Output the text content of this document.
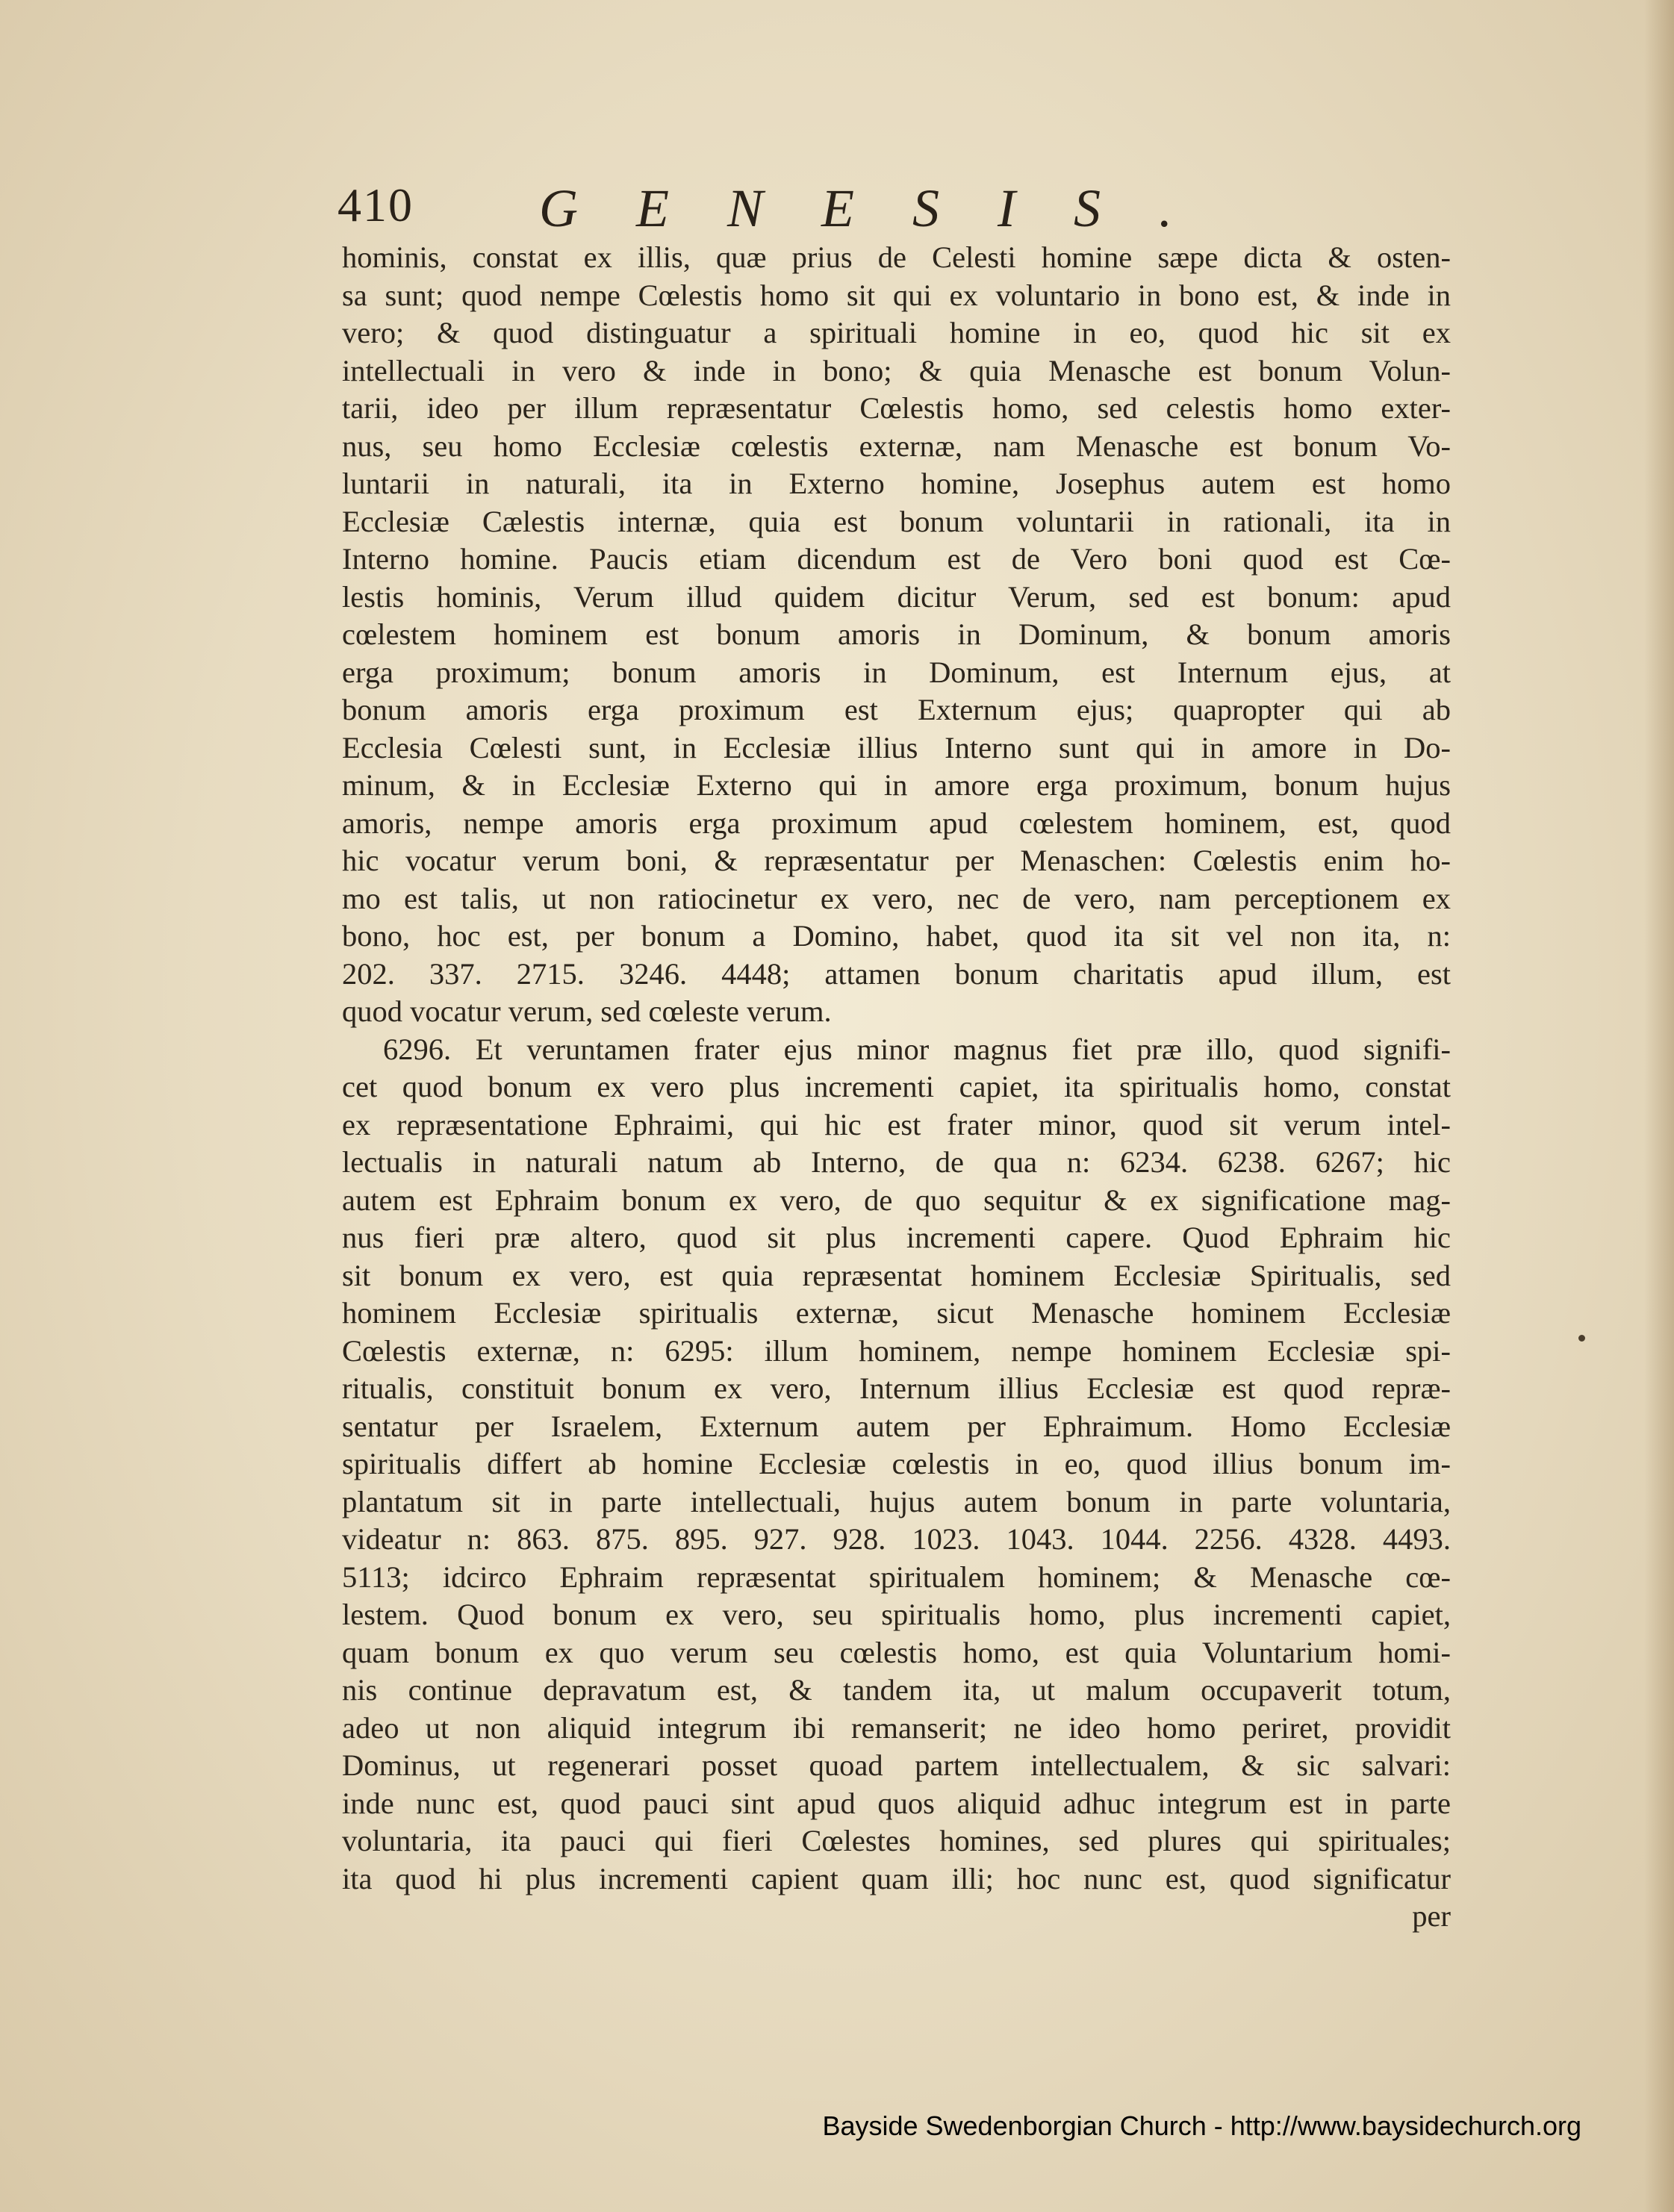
410 GENESIS.
hominis, constat ex illis, quæ prius de Celesti homine sæpe dicta & osten-
sa sunt; quod nempe Cœlestis homo sit qui ex voluntario in bono est, & inde in
vero; & quod distinguatur a spirituali homine in eo, quod hic sit ex
intellectuali in vero & inde in bono; & quia Menasche est bonum Volun-
tarii, ideo per illum repræsentatur Cœlestis homo, sed celestis homo exter-
nus, seu homo Ecclesiæ cœlestis externæ, nam Menasche est bonum Vo-
luntarii in naturali, ita in Externo homine, Josephus autem est homo
Ecclesiæ Cælestis internæ, quia est bonum voluntarii in rationali, ita in
Interno homine. Paucis etiam dicendum est de Vero boni quod est Cœ-
lestis hominis, Verum illud quidem dicitur Verum, sed est bonum: apud
cœlestem hominem est bonum amoris in Dominum, & bonum amoris
erga proximum; bonum amoris in Dominum, est Internum ejus, at
bonum amoris erga proximum est Externum ejus; quapropter qui ab
Ecclesia Cœlesti sunt, in Ecclesiæ illius Interno sunt qui in amore in Do-
minum, & in Ecclesiæ Externo qui in amore erga proximum, bonum hujus
amoris, nempe amoris erga proximum apud cœlestem hominem, est, quod
hic vocatur verum boni, & repræsentatur per Menaschen: Cœlestis enim ho-
mo est talis, ut non ratiocinetur ex vero, nec de vero, nam perceptionem ex
bono, hoc est, per bonum a Domino, habet, quod ita sit vel non ita, n:
202. 337. 2715. 3246. 4448; attamen bonum charitatis apud illum, est
quod vocatur verum, sed cœleste verum.
6296. Et veruntamen frater ejus minor magnus fiet præ illo, quod signifi-
cet quod bonum ex vero plus incrementi capiet, ita spiritualis homo, constat
ex repræsentatione Ephraimi, qui hic est frater minor, quod sit verum intel-
lectualis in naturali natum ab Interno, de qua n: 6234. 6238. 6267; hic
autem est Ephraim bonum ex vero, de quo sequitur & ex significatione mag-
nus fieri præ altero, quod sit plus incrementi capere. Quod Ephraim hic
sit bonum ex vero, est quia repræsentat hominem Ecclesiæ Spiritualis, sed
hominem Ecclesiæ spiritualis externæ, sicut Menasche hominem Ecclesiæ
Cœlestis externæ, n: 6295: illum hominem, nempe hominem Ecclesiæ spi-
ritualis, constituit bonum ex vero, Internum illius Ecclesiæ est quod repræ-
sentatur per Israelem, Externum autem per Ephraimum. Homo Ecclesiæ
spiritualis differt ab homine Ecclesiæ cœlestis in eo, quod illius bonum im-
plantatum sit in parte intellectuali, hujus autem bonum in parte voluntaria,
videatur n: 863. 875. 895. 927. 928. 1023. 1043. 1044. 2256. 4328. 4493.
5113; idcirco Ephraim repræsentat spiritualem hominem; & Menasche cœ-
lestem. Quod bonum ex vero, seu spiritualis homo, plus incrementi capiet,
quam bonum ex quo verum seu cœlestis homo, est quia Voluntarium homi-
nis continue depravatum est, & tandem ita, ut malum occupaverit totum,
adeo ut non aliquid integrum ibi remanserit; ne ideo homo periret, providit
Dominus, ut regenerari posset quoad partem intellectualem, & sic salvari:
inde nunc est, quod pauci sint apud quos aliquid adhuc integrum est in parte
voluntaria, ita pauci qui fieri Cœlestes homines, sed plures qui spirituales;
ita quod hi plus incrementi capient quam illi; hoc nunc est, quod significatur
per
Bayside Swedenborgian Church - http://www.baysidechurch.org
